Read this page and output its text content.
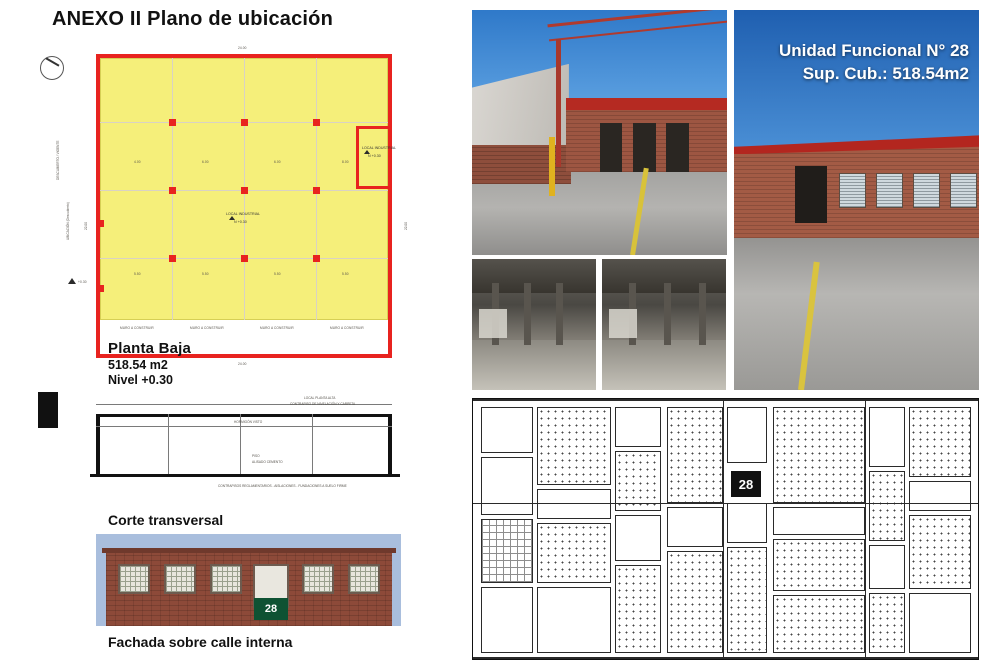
ANEXO II Plano de ubicación
LOCAL INDUSTRIAL
N +0.30
LOCAL INDUSTRIAL
N +0.30
24.00
24.00
22.00	22.00
4.00	6.00	6.00	8.00
5.50	5.50	5.50	5.50
MURO A CONSTRUIR	MURO A CONSTRUIR	MURO A CONSTRUIR	MURO A CONSTRUIR
DESCUBIERTO / VIGENTE
UBICACIÓN (Descubierto)
+0.30
Planta Baja
518.54 m2
Nivel +0.30
LOCAL PLANTA ALTA
CONTRAPISO DE NIVELACIÓN Y CARPETA
HORMIGÓN VISTO
PISO
ALISADO CEMENTO
CONTRAPISOS REGLAMENTARIOS - AISLACIONES - FUNDACIONES A SUELO FIRME
Corte transversal
28
Fachada sobre calle interna
Unidad Funcional N° 28
Sup. Cub.: 518.54m2
28
